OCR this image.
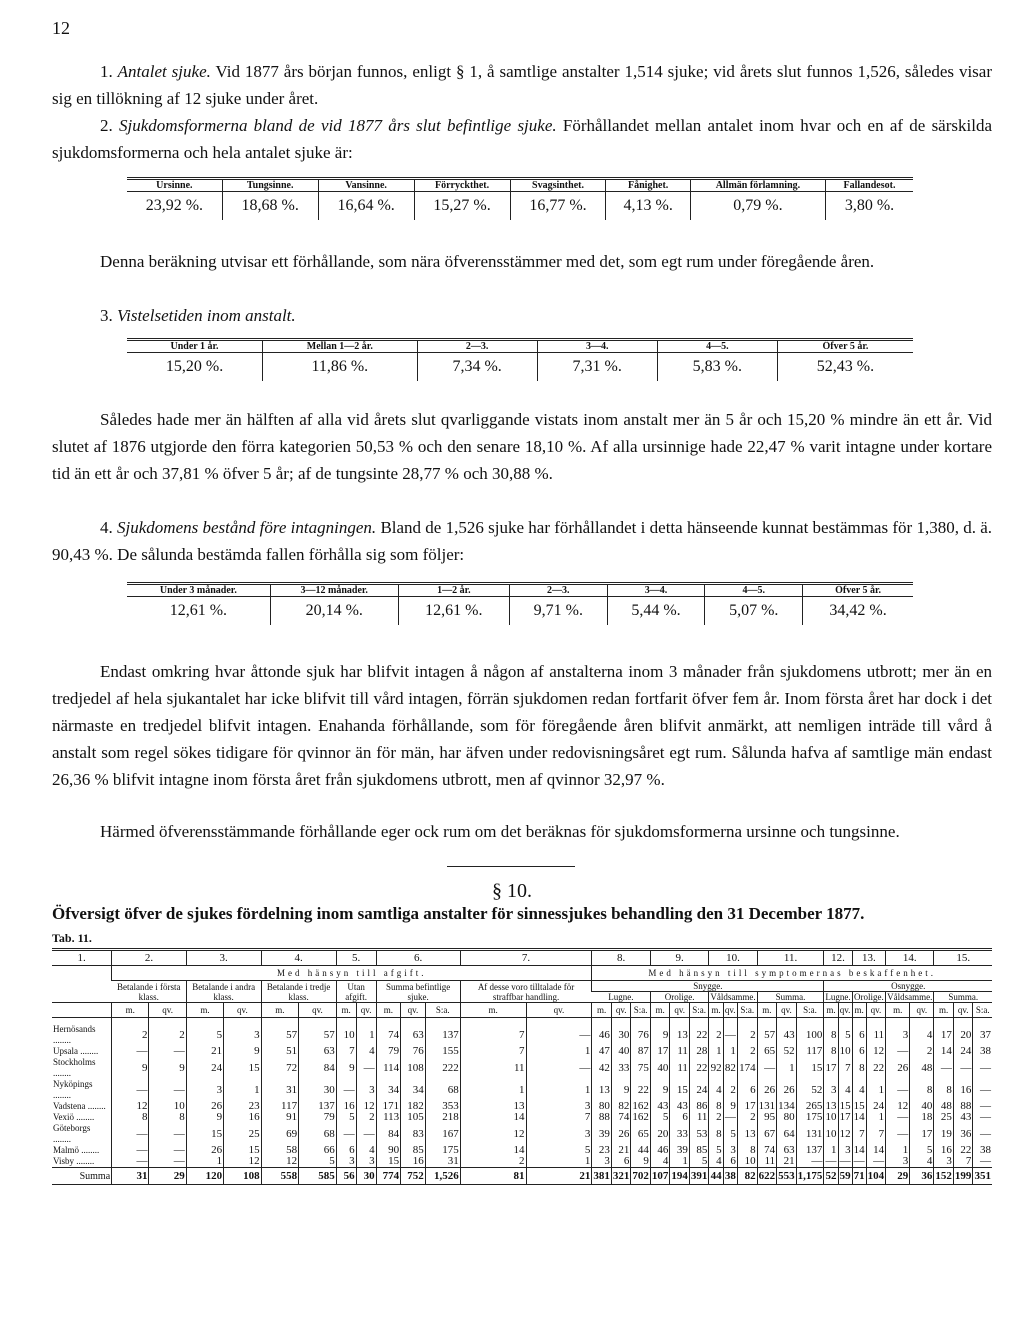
12
1. Antalet sjuke. Vid 1877 års början funnos, enligt § 1, å samtlige anstalter 1,514 sjuke; vid årets slut funnos 1,526, således visar sig en tillökning af 12 sjuke under året.
2. Sjukdomsformerna bland de vid 1877 års slut befintlige sjuke. Förhållandet mellan antalet inom hvar och en af de särskilda sjukdomsformerna och hela antalet sjuke är:
Ursinne.	Tungsinne.	Vansinne.	Förryckthet.	Svagsinthet.	Fånighet.	Allmän förlamning.	Fallandesot.
23,92 %.	18,68 %.	16,64 %.	15,27 %.	16,77 %.	4,13 %.	0,79 %.	3,80 %.
Denna beräkning utvisar ett förhållande, som nära öfverensstämmer med det, som egt rum under föregående åren.
3. Vistelsetiden inom anstalt.
Under 1 år.	Mellan 1—2 år.	2—3.	3—4.	4—5.	Öfver 5 år.
15,20 %.	11,86 %.	7,34 %.	7,31 %.	5,83 %.	52,43 %.
Således hade mer än hälften af alla vid årets slut qvarliggande vistats inom anstalt mer än 5 år och 15,20 % mindre än ett år. Vid slutet af 1876 utgjorde den förra kategorien 50,53 % och den senare 18,10 %. Af alla ursinnige hade 22,47 % varit intagne under kortare tid än ett år och 37,81 % öfver 5 år; af de tungsinte 28,77 % och 30,88 %.
4. Sjukdomens bestånd före intagningen. Bland de 1,526 sjuke har förhållandet i detta hänseende kunnat bestämmas för 1,380, d. ä. 90,43 %. De sålunda bestämda fallen förhålla sig som följer:
Under 3 månader.	3—12 månader.	1—2 år.	2—3.	3—4.	4—5.	Öfver 5 år.
12,61 %.	20,14 %.	12,61 %.	9,71 %.	5,44 %.	5,07 %.	34,42 %.
Endast omkring hvar åttonde sjuk har blifvit intagen å någon af anstalterna inom 3 månader från sjukdomens utbrott; mer än en tredjedel af hela sjukantalet har icke blifvit till vård intagen, förrän sjukdomen redan fortfarit öfver fem år. Inom första året har dock i det närmaste en tredjedel blifvit intagen. Enahanda förhållande, som för föregående åren blifvit anmärkt, att nemligen inträde till vård å anstalt som regel sökes tidigare för qvinnor än för män, har äfven under redovisningsåret egt rum. Sålunda hafva af samtlige män endast 26,36 % blifvit intagne inom första året från sjukdomens utbrott, men af qvinnor 32,97 %.
Härmed öfverensstämmande förhållande eger ock rum om det beräknas för sjukdomsformerna ursinne och tungsinne.
§ 10.
Öfversigt öfver de sjukes fördelning inom samtliga anstalter för sinnessjukes behandling den 31 December 1877.
Tab. 11.
1.	2.		3.		4.		5.		6.			7.		8.			9.			10.			11.			12.		13.		14.		15.		
	Med hänsyn till afgift.													Med hänsyn till symptomernas beskaffenhet.																				
	Betalande i första klass.		Betalande i andra klass.		Betalande i tredje klass.		Utan afgift.		Summa befintlige sjuke.			Af desse voro tilltalade för straffbar handling.		Snygge.												Osnygge.								
														Lugne.			Orolige.			Våldsamme.			Summa.			Lugne.		Orolige.		Våldsamme.		Summa.		
	m.	qv.	m.	qv.	m.	qv.	m.	qv.	m.	qv.	S:a.	m.	qv.	m.	qv.	S:a.	m.	qv.	S:a.	m.	qv.	S:a.	m.	qv.	S:a.	m.	qv.	m.	qv.	m.	qv.	m.	qv.	S:a.
Hernösands ........	2	2	5	3	57	57	10	1	74	63	137	7	—	46	30	76	9	13	22	2	—	2	57	43	100	8	5	6	11	3	4	17	20	37
Upsala ........	—	—	21	9	51	63	7	4	79	76	155	7	1	47	40	87	17	11	28	1	1	2	65	52	117	8	10	6	12	—	2	14	24	38
Stockholms ........	9	9	24	15	72	84	9	—	114	108	222	11	—	42	33	75	40	11	22	92	82	174	—	1	15	17	7	8	22	26	48	—	—	—
Nyköpings ........	—	—	3	1	31	30	—	3	34	34	68	1	1	13	9	22	9	15	24	4	2	6	26	26	52	3	4	4	1	—	8	8	16	—
Vadstena ........	12	10	26	23	117	137	16	12	171	182	353	13	3	80	82	162	43	43	86	8	9	17	131	134	265	13	15	15	24	12	40	48	88	—
Vexiö ........	8	8	9	16	91	79	5	2	113	105	218	14	7	88	74	162	5	6	11	2	—	2	95	80	175	10	17	14	1	—	18	25	43	—
Göteborgs ........	—	—	15	25	69	68	—	—	84	83	167	12	3	39	26	65	20	33	53	8	5	13	67	64	131	10	12	7	7	—	17	19	36	—
Malmö ........	—	—	26	15	58	66	6	4	90	85	175	14	5	23	21	44	46	39	85	5	3	8	74	63	137	1	3	14	14	1	5	16	22	38
Visby ........	—	—	1	12	12	5	3	3	15	16	31	2	1	3	6	9	4	1	5	4	6	10	11	21	—	—	—	—	—	3	4	3	7	—
Summa	31	29	120	108	558	585	56	30	774	752	1,526	81	21	381	321	702	107	194	391	44	38	82	622	553	1,175	52	59	71	104	29	36	152	199	351
